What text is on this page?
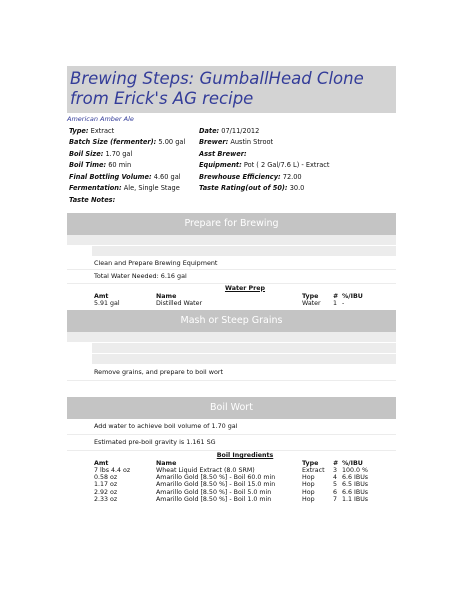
Brewing Steps: GumballHead Clone from Erick's AG recipe
American Amber Ale
Type: Extract	Date: 07/11/2012
Batch Size (fermenter): 5.00 gal	Brewer: Austin Stroot
Boil Size: 1.70 gal	Asst Brewer:
Boil Time: 60 min	Equipment: Pot ( 2 Gal/7.6 L) - Extract
Final Bottling Volume: 4.60 gal	Brewhouse Efficiency: 72.00
Fermentation: Ale, Single Stage	Taste Rating(out of 50): 30.0
Taste Notes:
Prepare for Brewing
Clean and Prepare Brewing Equipment
Total Water Needed: 6.16 gal
Water Prep
Amt	Name	Type	# %/IBU
5.91 gal	Distilled Water	Water	1 -
Mash or Steep Grains
Remove grains, and prepare to boil wort
Boil Wort
Add water to achieve boil volume of 1.70 gal
Estimated pre-boil gravity is 1.161 SG
Boil Ingredients
Amt	Name	Type	# %/IBU
7 lbs 4.4 oz	Wheat Liquid Extract (8.0 SRM)	Extract	3 100.0 %
0.58 oz	Amarillo Gold [8.50 %] - Boil 60.0 min	Hop	4 6.6 IBUs
1.17 oz	Amarillo Gold [8.50 %] - Boil 15.0 min	Hop	5 6.5 IBUs
2.92 oz	Amarillo Gold [8.50 %] - Boil 5.0 min	Hop	6 6.6 IBUs
2.33 oz	Amarillo Gold [8.50 %] - Boil 1.0 min	Hop	7 1.1 IBUs
